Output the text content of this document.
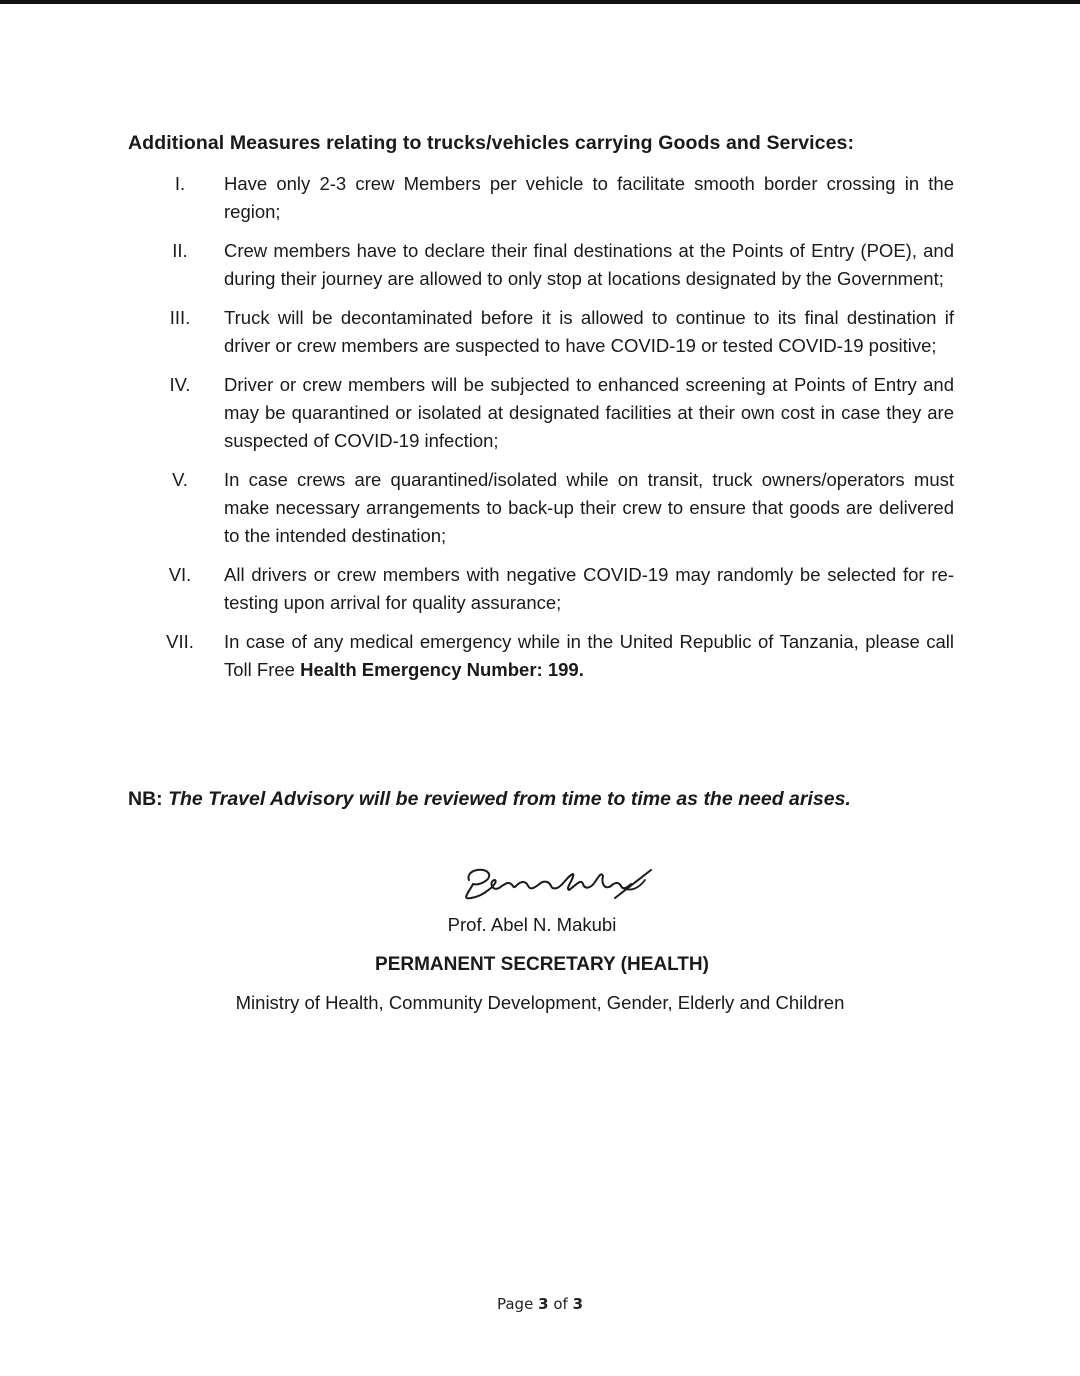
Additional Measures relating to trucks/vehicles carrying Goods and Services:
I.	Have only 2-3 crew Members per vehicle to facilitate smooth border crossing in the region;
II.	Crew members have to declare their final destinations at the Points of Entry (POE), and during their journey are allowed to only stop at locations designated by the Government;
III.	Truck will be decontaminated before it is allowed to continue to its final destination if driver or crew members are suspected to have COVID-19 or tested COVID-19 positive;
IV.	Driver or crew members will be subjected to enhanced screening at Points of Entry and may be quarantined or isolated at designated facilities at their own cost in case they are suspected of COVID-19 infection;
V.	In case crews are quarantined/isolated while on transit, truck owners/operators must make necessary arrangements to back-up their crew to ensure that goods are delivered to the intended destination;
VI.	All drivers or crew members with negative COVID-19 may randomly be selected for re-testing upon arrival for quality assurance;
VII.	In case of any medical emergency while in the United Republic of Tanzania, please call Toll Free Health Emergency Number: 199.
NB: The Travel Advisory will be reviewed from time to time as the need arises.
Prof. Abel N. Makubi
PERMANENT SECRETARY (HEALTH)
Ministry of Health, Community Development, Gender, Elderly and Children
Page 3 of 3
